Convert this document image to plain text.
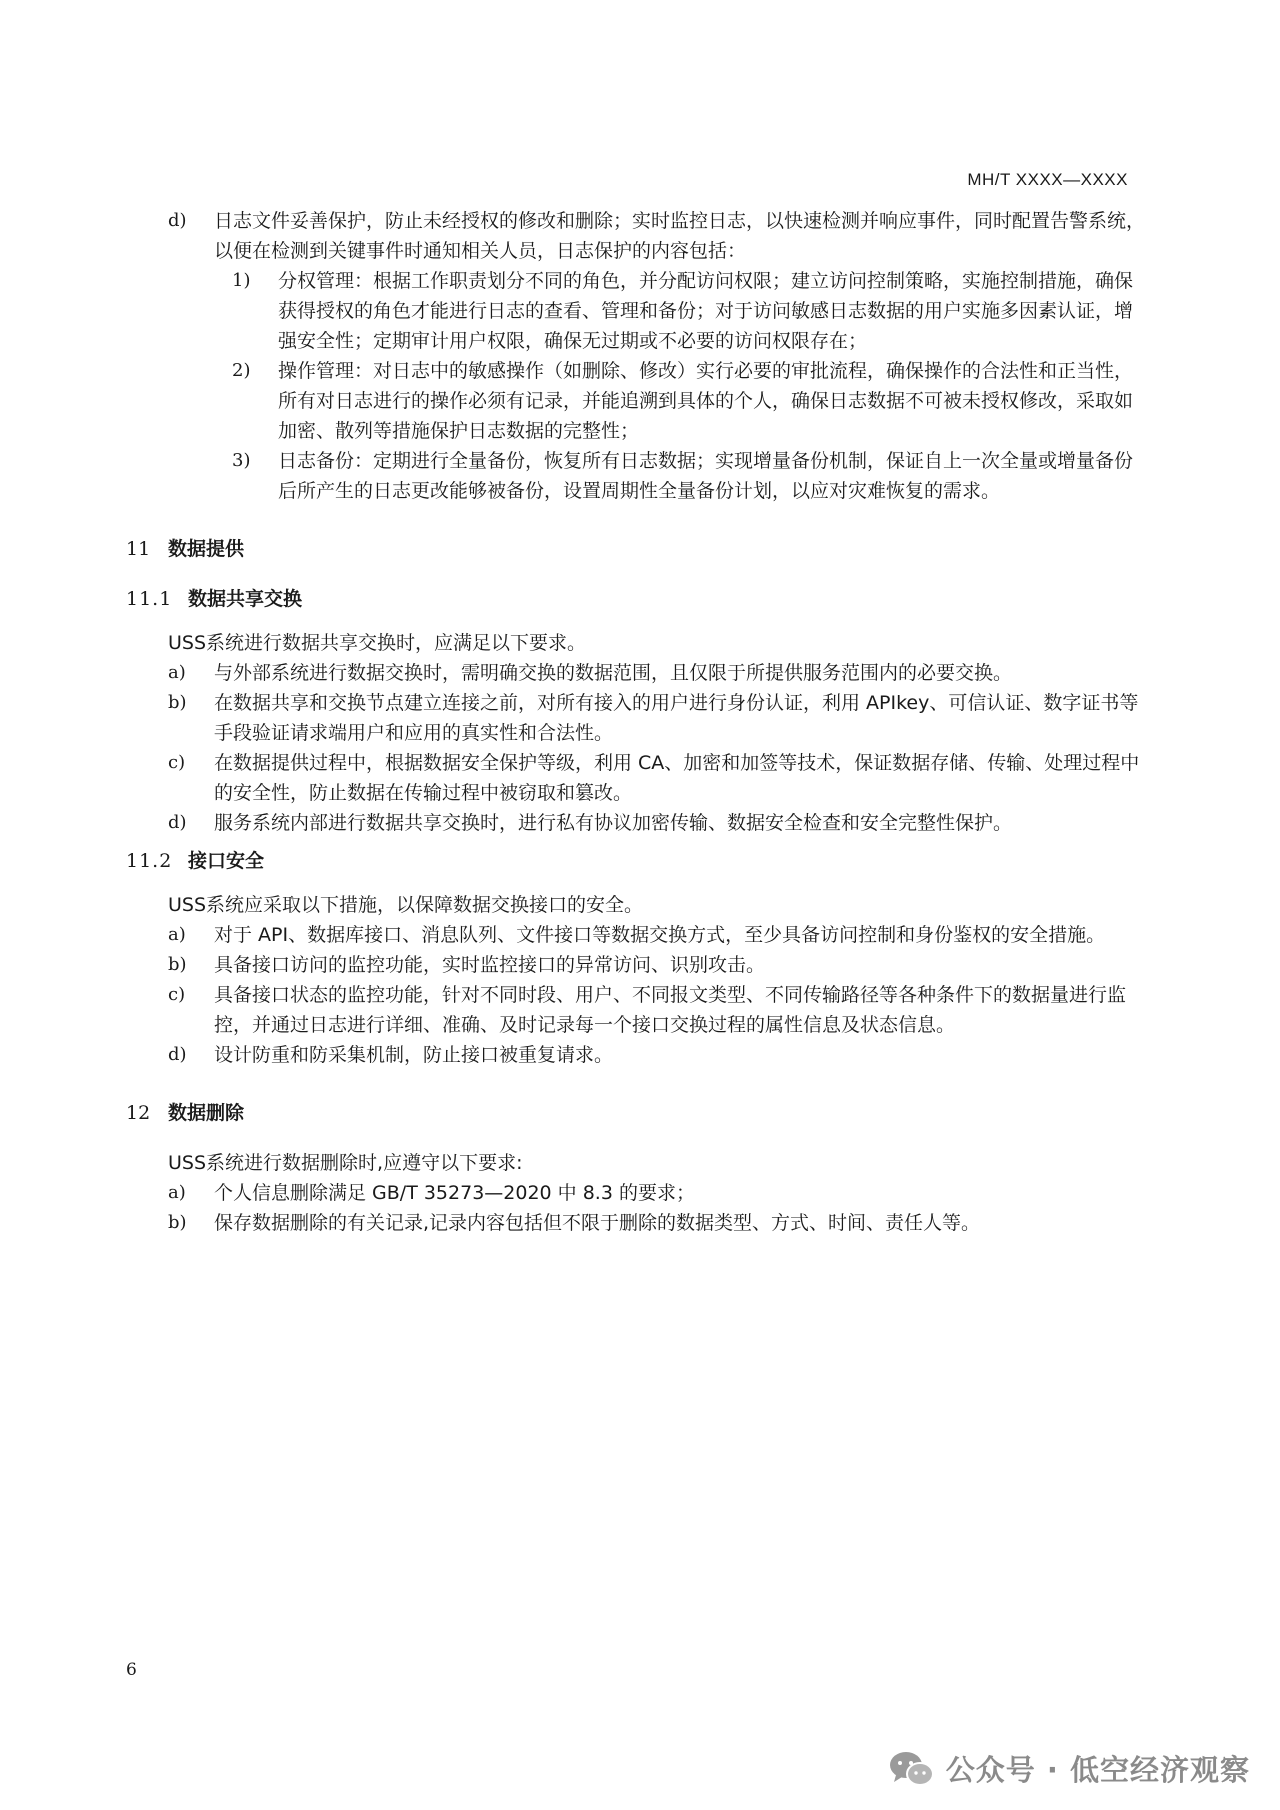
MH/T XXXX—XXXX
d)	日志文件妥善保护，防止未经授权的修改和删除；实时监控日志，以快速检测并响应事件，同时配置告警系统，以便在检测到关键事件时通知相关人员，日志保护的内容包括：
1)	分权管理：根据工作职责划分不同的角色，并分配访问权限；建立访问控制策略，实施控制措施，确保获得授权的角色才能进行日志的查看、管理和备份；对于访问敏感日志数据的用户实施多因素认证，增强安全性；定期审计用户权限，确保无过期或不必要的访问权限存在；
2)	操作管理：对日志中的敏感操作（如删除、修改）实行必要的审批流程，确保操作的合法性和正当性，所有对日志进行的操作必须有记录，并能追溯到具体的个人，确保日志数据不可被未授权修改，采取如加密、散列等措施保护日志数据的完整性；
3)	日志备份：定期进行全量备份，恢复所有日志数据；实现增量备份机制，保证自上一次全量或增量备份后所产生的日志更改能够被备份，设置周期性全量备份计划，以应对灾难恢复的需求。
11 数据提供
11.1 数据共享交换
USS系统进行数据共享交换时，应满足以下要求。
a)	与外部系统进行数据交换时，需明确交换的数据范围，且仅限于所提供服务范围内的必要交换。
b)	在数据共享和交换节点建立连接之前，对所有接入的用户进行身份认证，利用 APIkey、可信认证、数字证书等手段验证请求端用户和应用的真实性和合法性。
c)	在数据提供过程中，根据数据安全保护等级，利用 CA、加密和加签等技术，保证数据存储、传输、处理过程中的安全性，防止数据在传输过程中被窃取和篡改。
d)	服务系统内部进行数据共享交换时，进行私有协议加密传输、数据安全检查和安全完整性保护。
11.2 接口安全
USS系统应采取以下措施，以保障数据交换接口的安全。
a)	对于 API、数据库接口、消息队列、文件接口等数据交换方式，至少具备访问控制和身份鉴权的安全措施。
b)	具备接口访问的监控功能，实时监控接口的异常访问、识别攻击。
c)	具备接口状态的监控功能，针对不同时段、用户、不同报文类型、不同传输路径等各种条件下的数据量进行监控，并通过日志进行详细、准确、及时记录每一个接口交换过程的属性信息及状态信息。
d)	设计防重和防采集机制，防止接口被重复请求。
12 数据删除
USS系统进行数据删除时,应遵守以下要求:
a)	个人信息删除满足 GB/T 35273—2020 中 8.3 的要求；
b)	保存数据删除的有关记录,记录内容包括但不限于删除的数据类型、方式、时间、责任人等。
6
公众号 · 低空经济观察
